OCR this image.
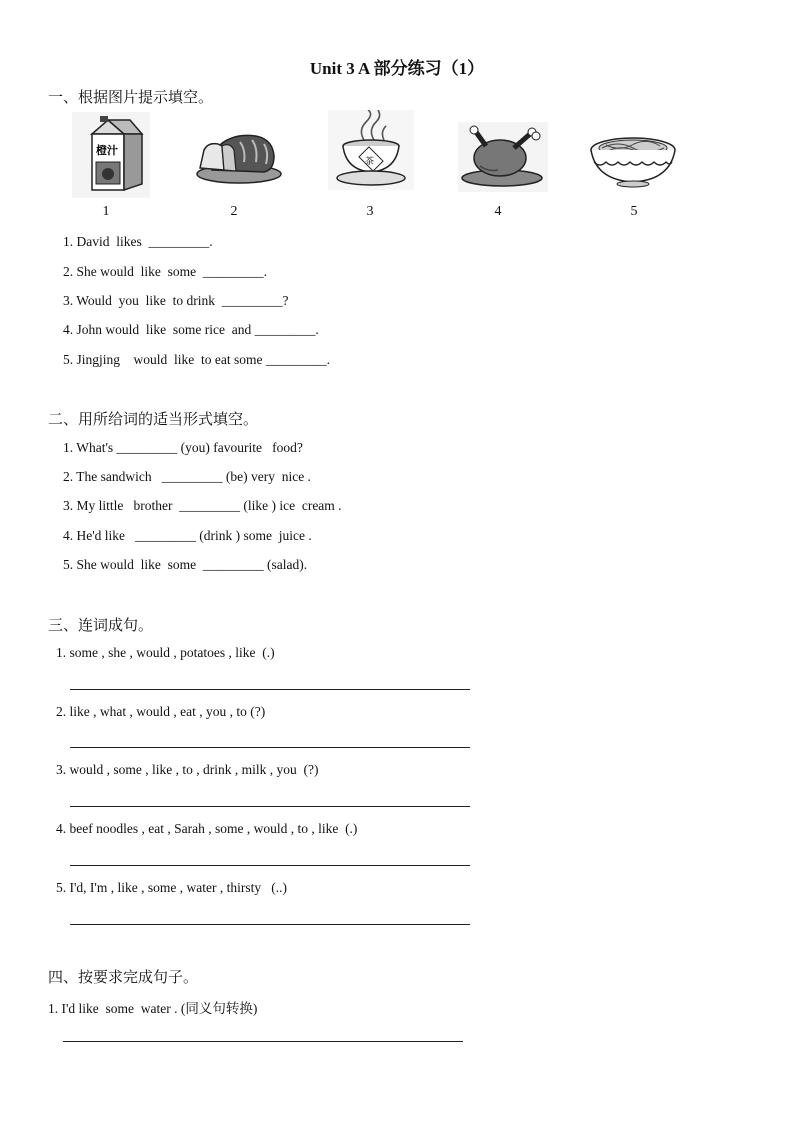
Unit 3 A 部分练习（1）
一、根据图片提示填空。
橙汁
1	2
茶
3	4	5
1. David  likes  _________.
2. She would  like  some  _________.
3. Would  you  like  to drink  _________?
4. John would  like  some rice  and _________.
5. Jingjing    would  like  to eat some _________.
二、用所给词的适当形式填空。
1. What's _________ (you) favourite   food?
2. The sandwich   _________ (be) very  nice .
3. My little   brother  _________ (like ) ice  cream .
4. He'd like   _________ (drink ) some  juice .
5. She would  like  some  _________ (salad).
三、连词成句。
1. some , she , would , potatoes , like  (.)
2. like , what , would , eat , you , to (?)
3. would , some , like , to , drink , milk , you  (?)
4. beef noodles , eat , Sarah , some , would , to , like  (.)
5. I'd, I'm , like , some , water , thirsty   (..)
四、按要求完成句子。
1. I'd like  some  water . (同义句转换)
